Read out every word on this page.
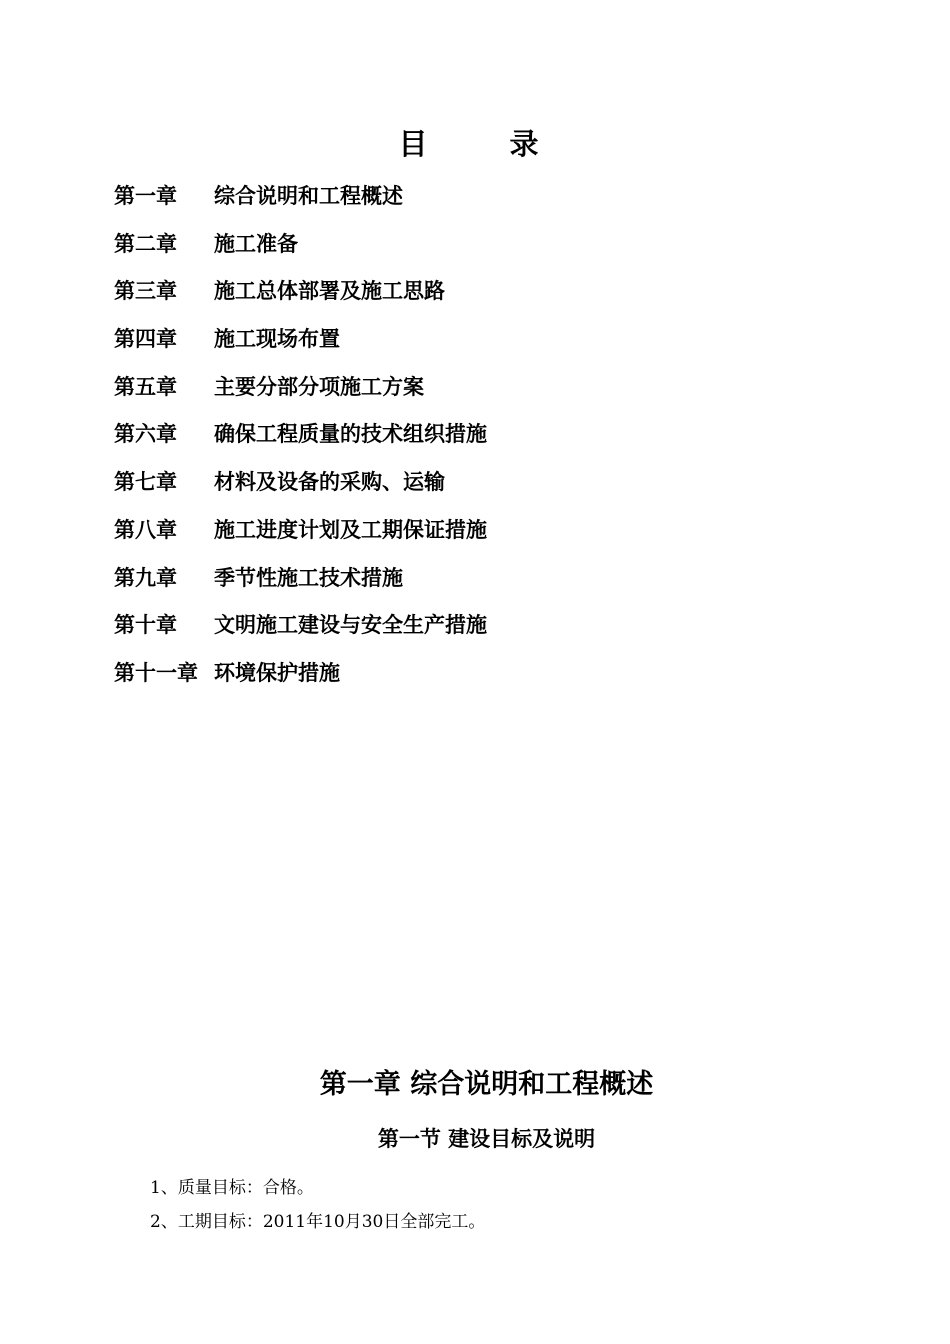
目 录
第一章	综合说明和工程概述
第二章	施工准备
第三章	施工总体部署及施工思路
第四章	施工现场布置
第五章	主要分部分项施工方案
第六章	确保工程质量的技术组织措施
第七章	材料及设备的采购、运输
第八章	施工进度计划及工期保证措施
第九章	季节性施工技术措施
第十章	文明施工建设与安全生产措施
第十一章 环境保护措施
第一章 综合说明和工程概述
第一节 建设目标及说明
1、质量目标：合格。
2、工期目标：2011年10月30日全部完工。
